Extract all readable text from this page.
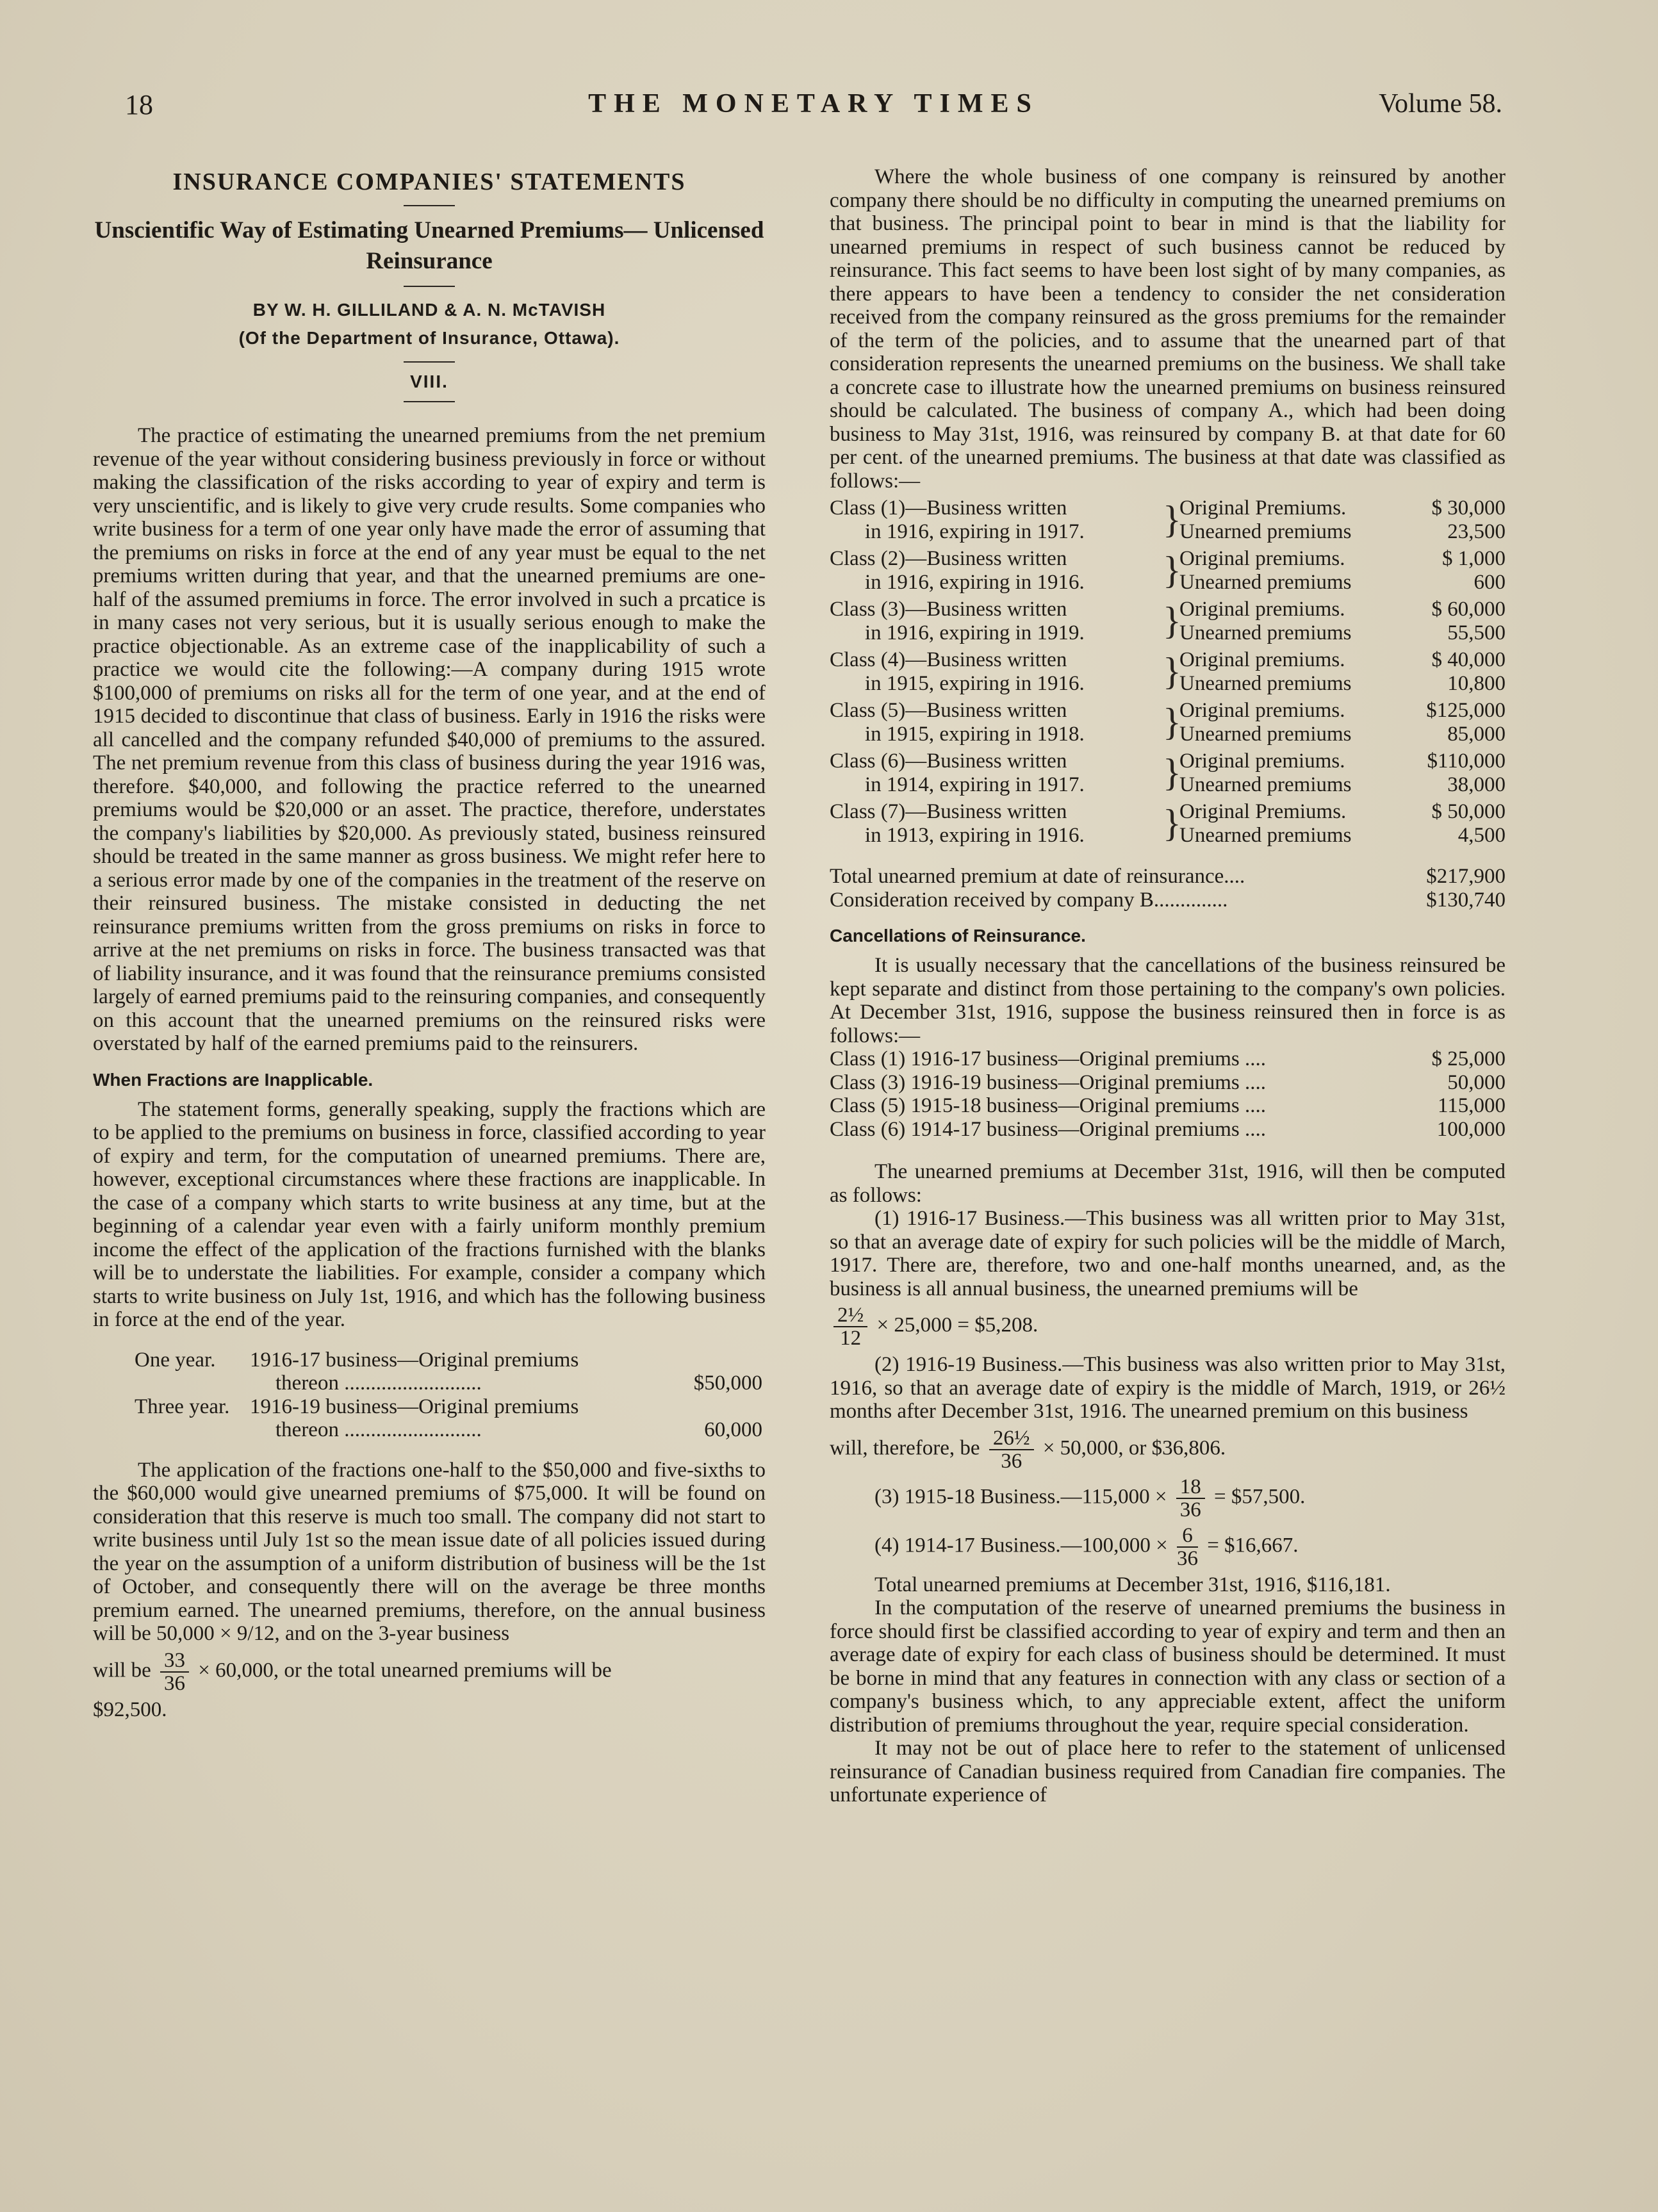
18	THE MONETARY TIMES	Volume 58.
INSURANCE COMPANIES' STATEMENTS
Unscientific Way of Estimating Unearned Premiums— Unlicensed Reinsurance
BY W. H. GILLILAND & A. N. McTAVISH
(Of the Department of Insurance, Ottawa).
VIII.

The practice of estimating the unearned premiums from the net premium revenue of the year without considering business previously in force or without making the classification of the risks according to year of expiry and term is very unscientific, and is likely to give very crude results. Some companies who write business for a term of one year only have made the error of assuming that the premiums on risks in force at the end of any year must be equal to the net premiums written during that year, and that the unearned premiums are one-half of the assumed premiums in force. The error involved in such a prcatice is in many cases not very serious, but it is usually serious enough to make the practice objectionable. As an extreme case of the inapplicability of such a practice we would cite the following:—A company during 1915 wrote $100,000 of premiums on risks all for the term of one year, and at the end of 1915 decided to discontinue that class of business. Early in 1916 the risks were all cancelled and the company refunded $40,000 of premiums to the assured. The net premium revenue from this class of business during the year 1916 was, therefore. $40,000, and following the practice referred to the unearned premiums would be $20,000 or an asset. The practice, therefore, understates the company's liabilities by $20,000. As previously stated, business reinsured should be treated in the same manner as gross business. We might refer here to a serious error made by one of the companies in the treatment of the reserve on their reinsured business. The mistake consisted in deducting the net reinsurance premiums written from the gross premiums on risks in force to arrive at the net premiums on risks in force. The business transacted was that of liability insurance, and it was found that the reinsurance premiums consisted largely of earned premiums paid to the reinsuring companies, and consequently on this account that the unearned premiums on the reinsured risks were overstated by half of the earned premiums paid to the reinsurers.

When Fractions are Inapplicable.

The statement forms, generally speaking, supply the fractions which are to be applied to the premiums on business in force, classified according to year of expiry and term, for the computation of unearned premiums. There are, however, exceptional circumstances where these fractions are inapplicable. In the case of a company which starts to write business at any time, but at the beginning of a calendar year even with a fairly uniform monthly premium income the effect of the application of the fractions furnished with the blanks will be to understate the liabilities. For example, consider a company which starts to write business on July 1st, 1916, and which has the following business in force at the end of the year.

One year.	1916-17 business—Original premiums
thereon ..........................	$50,000
Three year. 1916-19 business—Original premiums
thereon ..........................	60,000

The application of the fractions one-half to the $50,000 and five-sixths to the $60,000 would give unearned premiums of $75,000. It will be found on consideration that this reserve is much too small. The company did not start to write business until July 1st so the mean issue date of all policies issued during the year on the assumption of a uniform distribution of business will be the 1st of October, and consequently there will on the average be three months premium earned. The unearned premiums, therefore, on the annual business will be 50,000 × 9/12, and on the 3-year business

will be $\frac{33}{36} \times 60,000$, or the total unearned premiums will be
$92,500.

Where the whole business of one company is reinsured by another company there should be no difficulty in computing the unearned premiums on that business. The principal point to bear in mind is that the liability for unearned premiums in respect of such business cannot be reduced by reinsurance. This fact seems to have been lost sight of by many companies, as there appears to have been a tendency to consider the net consideration received from the company reinsured as the gross premiums for the remainder of the term of the policies, and to assume that the unearned part of that consideration represents the unearned premiums on the business. We shall take a concrete case to illustrate how the unearned premiums on business reinsured should be calculated. The business of company A., which had been doing business to May 31st, 1916, was reinsured by company B. at that date for 60 per cent. of the unearned premiums. The business at that date was classified as follows:—

Class (1)—Business written
in 1916, expiring in 1917.	}
Original Premiums.	$ 30,000
Unearned premiums	23,500
Class (2)—Business written
in 1916, expiring in 1916.	}
Original premiums.	$ 1,000
Unearned premiums	600
Class (3)—Business written
in 1916, expiring in 1919.	}
Original premiums.	$ 60,000
Unearned premiums	55,500
Class (4)—Business written
in 1915, expiring in 1916.	}
Original premiums.	$ 40,000
Unearned premiums	10,800
Class (5)—Business written
in 1915, expiring in 1918.	}
Original premiums.	$125,000
Unearned premiums	85,000
Class (6)—Business written
in 1914, expiring in 1917.	}
Original premiums.	$110,000
Unearned premiums	38,000
Class (7)—Business written
in 1913, expiring in 1916.	}
Original Premiums.	$ 50,000
Unearned premiums	4,500
Total unearned premium at date of reinsurance....	$217,900
Consideration received by company B..............	$130,740
Cancellations of Reinsurance.

It is usually necessary that the cancellations of the business reinsured be kept separate and distinct from those pertaining to the company's own policies. At December 31st, 1916, suppose the business reinsured then in force is as follows:—

Class (1) 1916-17 business—Original premiums ....	$ 25,000
Class (3) 1916-19 business—Original premiums ....	50,000
Class (5) 1915-18 business—Original premiums ....	115,000
Class (6) 1914-17 business—Original premiums ....	100,000

The unearned premiums at December 31st, 1916, will then be computed as follows:

(1) 1916-17 Business.—This business was all written prior to May 31st, so that an average date of expiry for such policies will be the middle of March, 1917. There are, therefore, two and one-half months unearned, and, as the business is all annual business, the unearned premiums will be

$\frac{\text{2½}}{12} \times 25,000$ = $5,208.

(2) 1916-19 Business.—This business was also written prior to May 31st, 1916, so that an average date of expiry is the middle of March, 1919, or 26½ months after December 31st, 1916. The unearned premium on this business

will, therefore, be $\frac{\text{26½}}{36} \times 50,000$, or $36,806.
(3) 1915-18 Business.—115,000 × $\frac{18}{36}$ = $57,500.
(4) 1914-17 Business.—100,000 × $\frac{6}{36}$ = $16,667.

Total unearned premiums at December 31st, 1916, $116,181.

In the computation of the reserve of unearned premiums the business in force should first be classified according to year of expiry and term and then an average date of expiry for each class of business should be determined. It must be borne in mind that any features in connection with any class or section of a company's business which, to any appreciable extent, affect the uniform distribution of premiums throughout the year, require special consideration.

It may not be out of place here to refer to the statement of unlicensed reinsurance of Canadian business required from Canadian fire companies. The unfortunate experience of
